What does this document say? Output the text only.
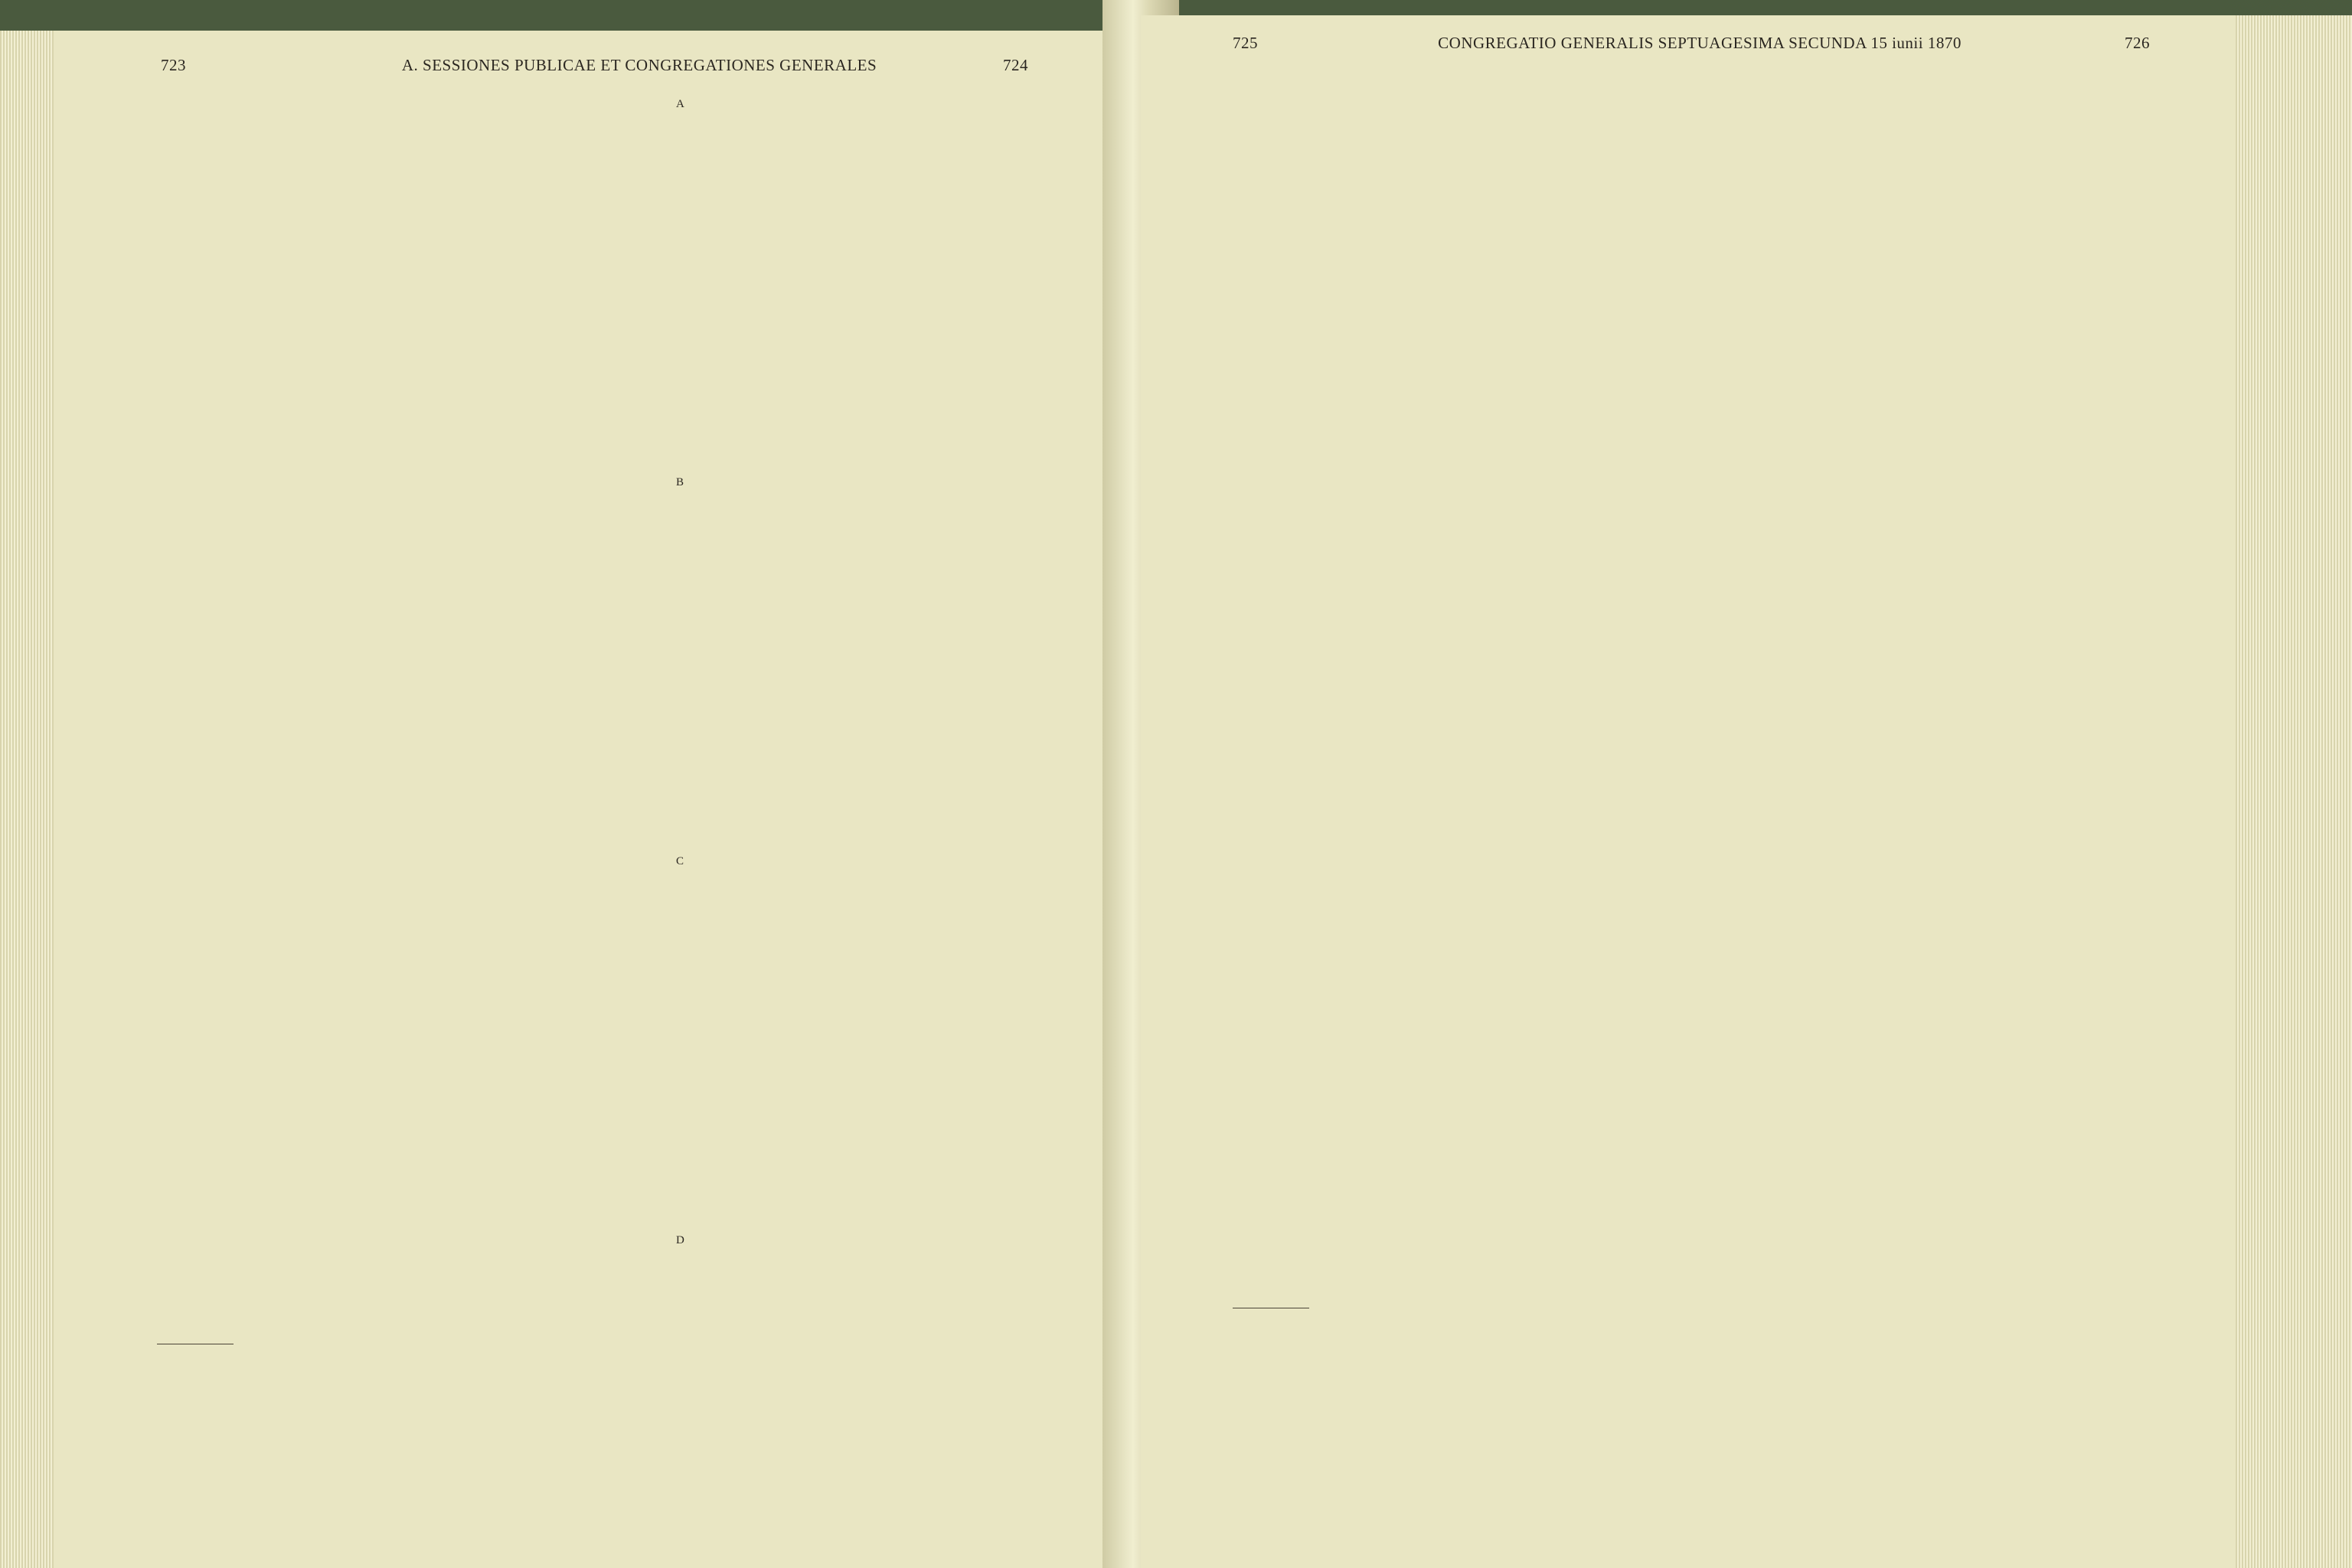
723	A. SESSIONES PUBLICAE ET CONGREGATIONES GENERALES	724
A
B
C
D
725	CONGREGATIO GENERALIS SEPTUAGESIMA SECUNDA 15 iunii 1870	726
